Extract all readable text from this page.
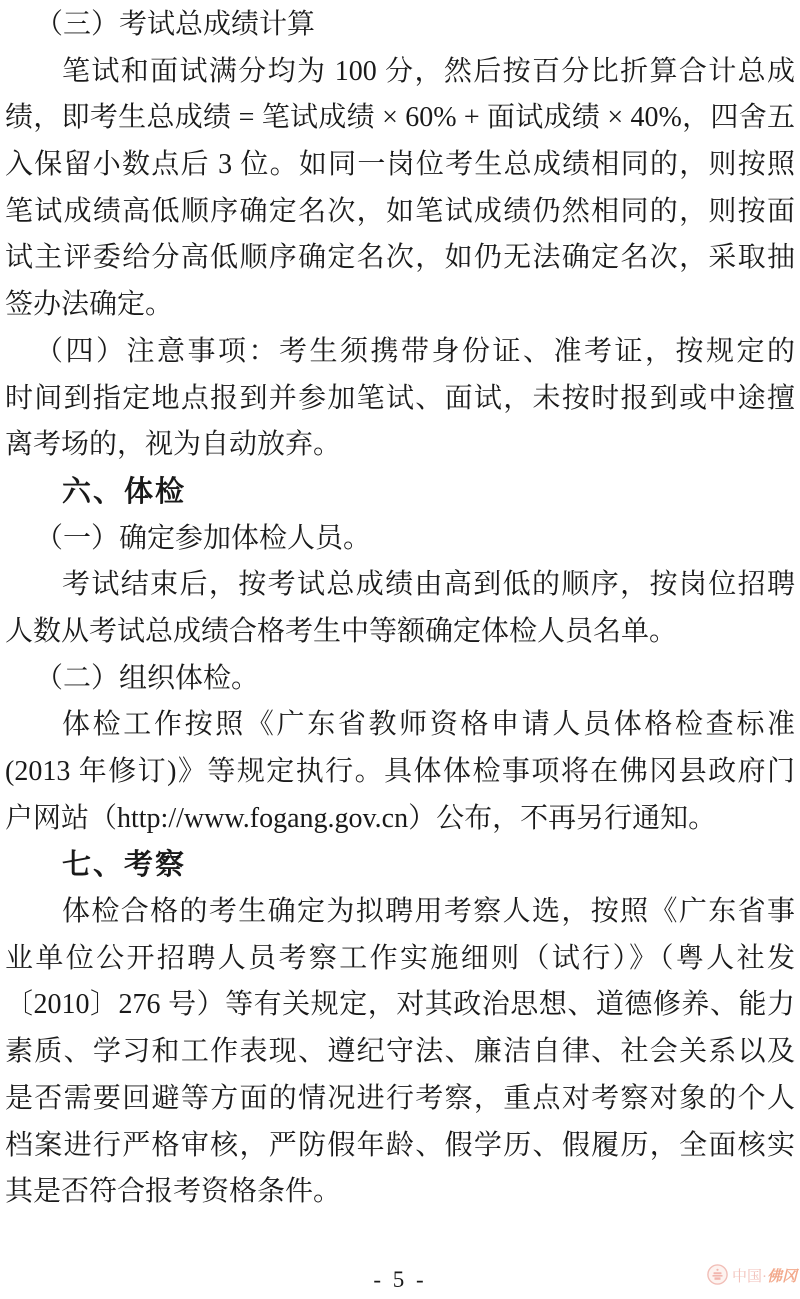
（三）考试总成绩计算
笔试和面试满分均为 100 分，然后按百分比折算合计总成
绩，即考生总成绩 = 笔试成绩 × 60% + 面试成绩 × 40%，四舍五
入保留小数点后 3 位。如同一岗位考生总成绩相同的，则按照
笔试成绩高低顺序确定名次，如笔试成绩仍然相同的，则按面
试主评委给分高低顺序确定名次，如仍无法确定名次，采取抽
签办法确定。
（四）注意事项：考生须携带身份证、准考证，按规定的
时间到指定地点报到并参加笔试、面试，未按时报到或中途擅
离考场的，视为自动放弃。
六、体检
（一）确定参加体检人员。
考试结束后，按考试总成绩由高到低的顺序，按岗位招聘
人数从考试总成绩合格考生中等额确定体检人员名单。
（二）组织体检。
体检工作按照《广东省教师资格申请人员体格检查标准
(2013 年修订)》等规定执行。具体体检事项将在佛冈县政府门
户网站（http://www.fogang.gov.cn）公布，不再另行通知。
七、考察
体检合格的考生确定为拟聘用考察人选，按照《广东省事
业单位公开招聘人员考察工作实施细则（试行）》（粤人社发
〔2010〕276 号）等有关规定，对其政治思想、道德修养、能力
素质、学习和工作表现、遵纪守法、廉洁自律、社会关系以及
是否需要回避等方面的情况进行考察，重点对考察对象的个人
档案进行严格审核，严防假年龄、假学历、假履历，全面核实
其是否符合报考资格条件。
- 5 -	中国·佛冈
